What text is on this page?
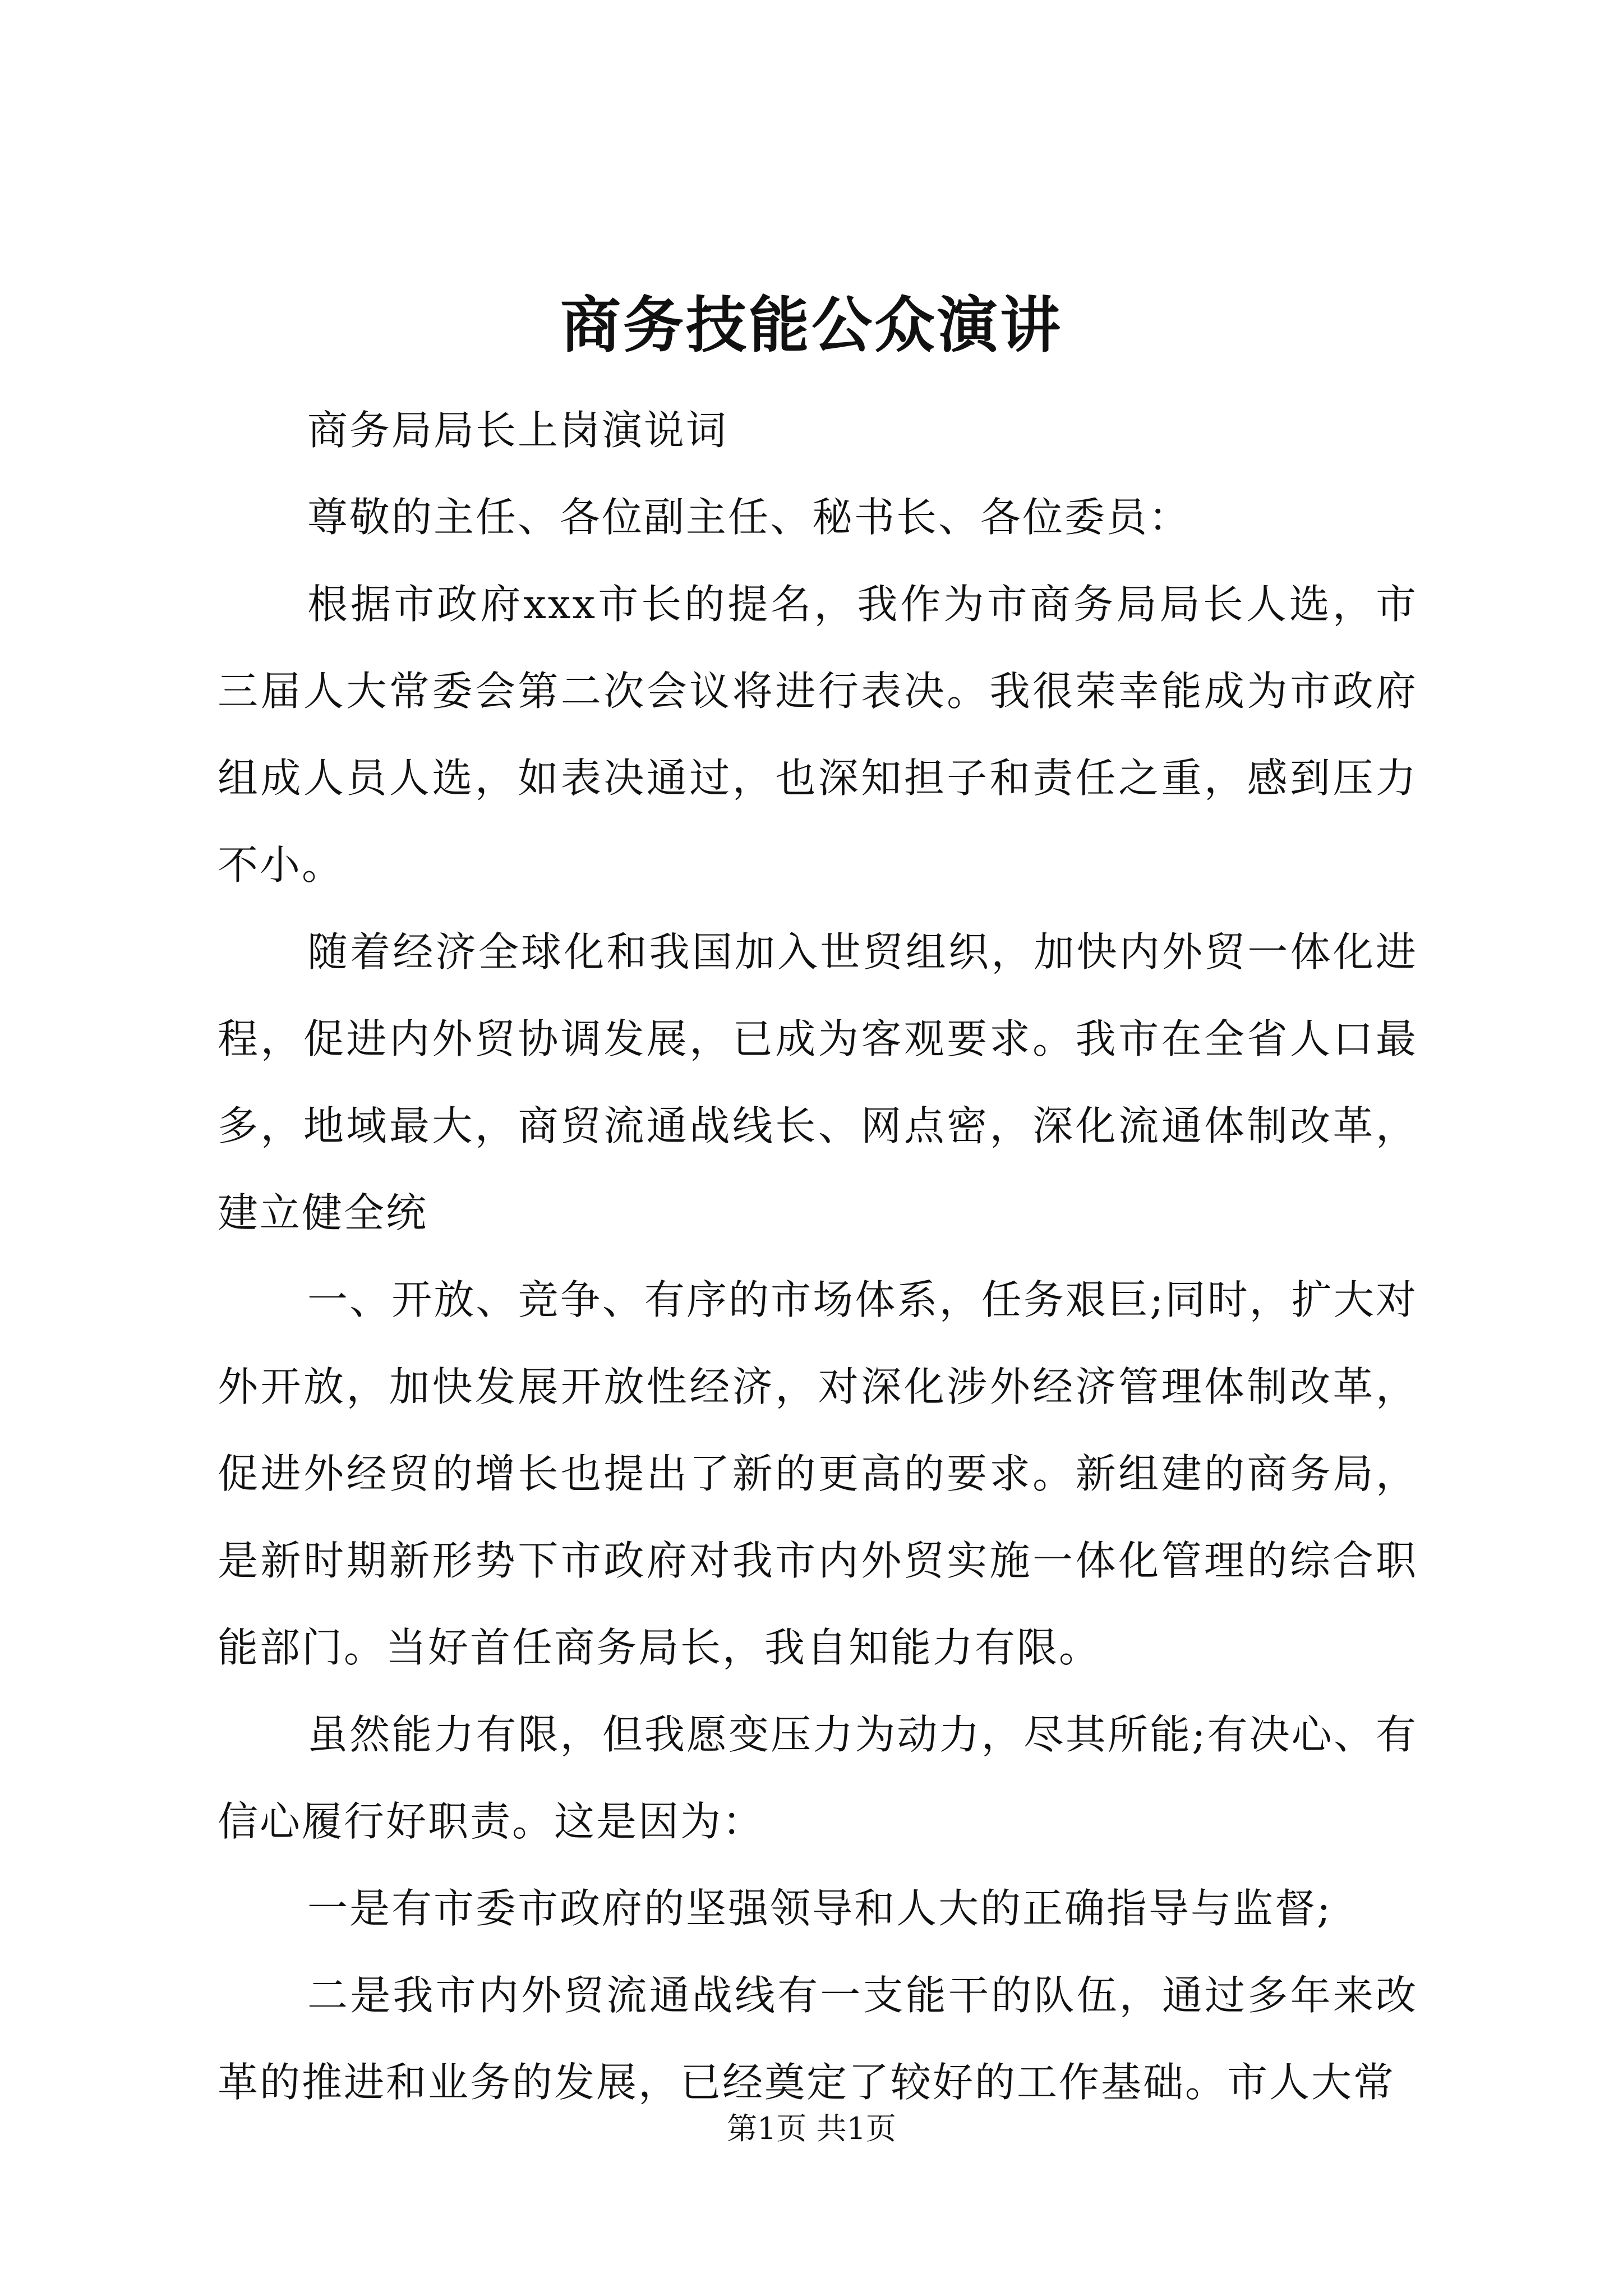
商务技能公众演讲

商务局局长上岗演说词

尊敬的主任、各位副主任、秘书长、各位委员：

根据市政府xxx市长的提名，我作为市商务局局长人选，市三届人大常委会第二次会议将进行表决。我很荣幸能成为市政府组成人员人选，如表决通过，也深知担子和责任之重，感到压力不小。

随着经济全球化和我国加入世贸组织，加快内外贸一体化进程，促进内外贸协调发展，已成为客观要求。我市在全省人口最多，地域最大，商贸流通战线长、网点密，深化流通体制改革，建立健全统

一、开放、竞争、有序的市场体系，任务艰巨;同时，扩大对外开放，加快发展开放性经济，对深化涉外经济管理体制改革，促进外经贸的增长也提出了新的更高的要求。新组建的商务局，是新时期新形势下市政府对我市内外贸实施一体化管理的综合职能部门。当好首任商务局长，我自知能力有限。

虽然能力有限，但我愿变压力为动力，尽其所能;有决心、有信心履行好职责。这是因为：

一是有市委市政府的坚强领导和人大的正确指导与监督;

二是我市内外贸流通战线有一支能干的队伍，通过多年来改革的推进和业务的发展，已经奠定了较好的工作基础。市人大常

第1页 共1页
